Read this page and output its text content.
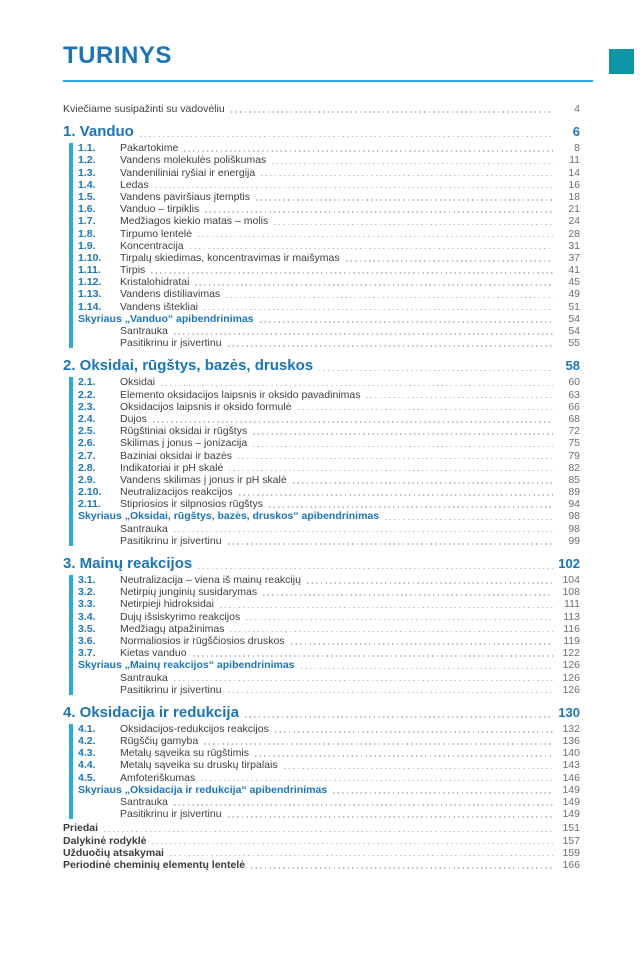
TURINYS
Kviečiame susipažinti su vadovėliu	4
1. Vanduo	6
1.1.	Pakartokime	8
1.2.	Vandens molekulės poliškumas	11
1.3.	Vandeniliniai ryšiai ir energija	14
1.4.	Ledas	16
1.5.	Vandens paviršiaus įtemptis	18
1.6.	Vanduo – tirpiklis	21
1.7.	Medžiagos kiekio matas – molis	24
1.8.	Tirpumo lentelė	28
1.9.	Koncentracija	31
1.10.	Tirpalų skiedimas, koncentravimas ir maišymas	37
1.11.	Tirpis	41
1.12.	Kristalohidratai	45
1.13.	Vandens distiliavimas	49
1.14.	Vandens ištekliai	51
Skyriaus „Vanduo“ apibendrinimas	54
Santrauka	54
Pasitikrinu ir įsivertinu	55
2. Oksidai, rūgštys, bazės, druskos	58
2.1.	Oksidai	60
2.2.	Elemento oksidacijos laipsnis ir oksido pavadinimas	63
2.3.	Oksidacijos laipsnis ir oksido formulė	66
2.4.	Dujos	68
2.5.	Rūgštiniai oksidai ir rūgštys	72
2.6.	Skilimas į jonus – jonizacija	75
2.7.	Baziniai oksidai ir bazės	79
2.8.	Indikatoriai ir pH skalė	82
2.9.	Vandens skilimas į jonus ir pH skalė	85
2.10.	Neutralizacijos reakcijos	89
2.11.	Stipriosios ir silpnosios rūgštys	94
Skyriaus „Oksidai, rūgštys, bazės, druskos“ apibendrinimas	98
Santrauka	98
Pasitikrinu ir įsivertinu	99
3. Mainų reakcijos	102
3.1.	Neutralizacija – viena iš mainų reakcijų	104
3.2.	Netirpių junginių susidarymas	108
3.3.	Netirpieji hidroksidai	111
3.4.	Dujų išsiskyrimo reakcijos	113
3.5.	Medžiagų atpažinimas	116
3.6.	Normaliosios ir rūgščiosios druskos	119
3.7.	Kietas vanduo	122
Skyriaus „Mainų reakcijos“ apibendrinimas	126
Santrauka	126
Pasitikrinu ir įsivertinu	126
4. Oksidacija ir redukcija	130
4.1.	Oksidacijos-redukcijos reakcijos	132
4.2.	Rūgščių gamyba	136
4.3.	Metalų sąveika su rūgštimis	140
4.4.	Metalų sąveika su druskų tirpalais	143
4.5.	Amfoteriškumas	146
Skyriaus „Oksidacija ir redukcija“ apibendrinimas	149
Santrauka	149
Pasitikrinu ir įsivertinu	149
Priedai	151
Dalykinė rodyklė	157
Užduočių atsakymai	159
Periodinė cheminių elementų lentelė	166
